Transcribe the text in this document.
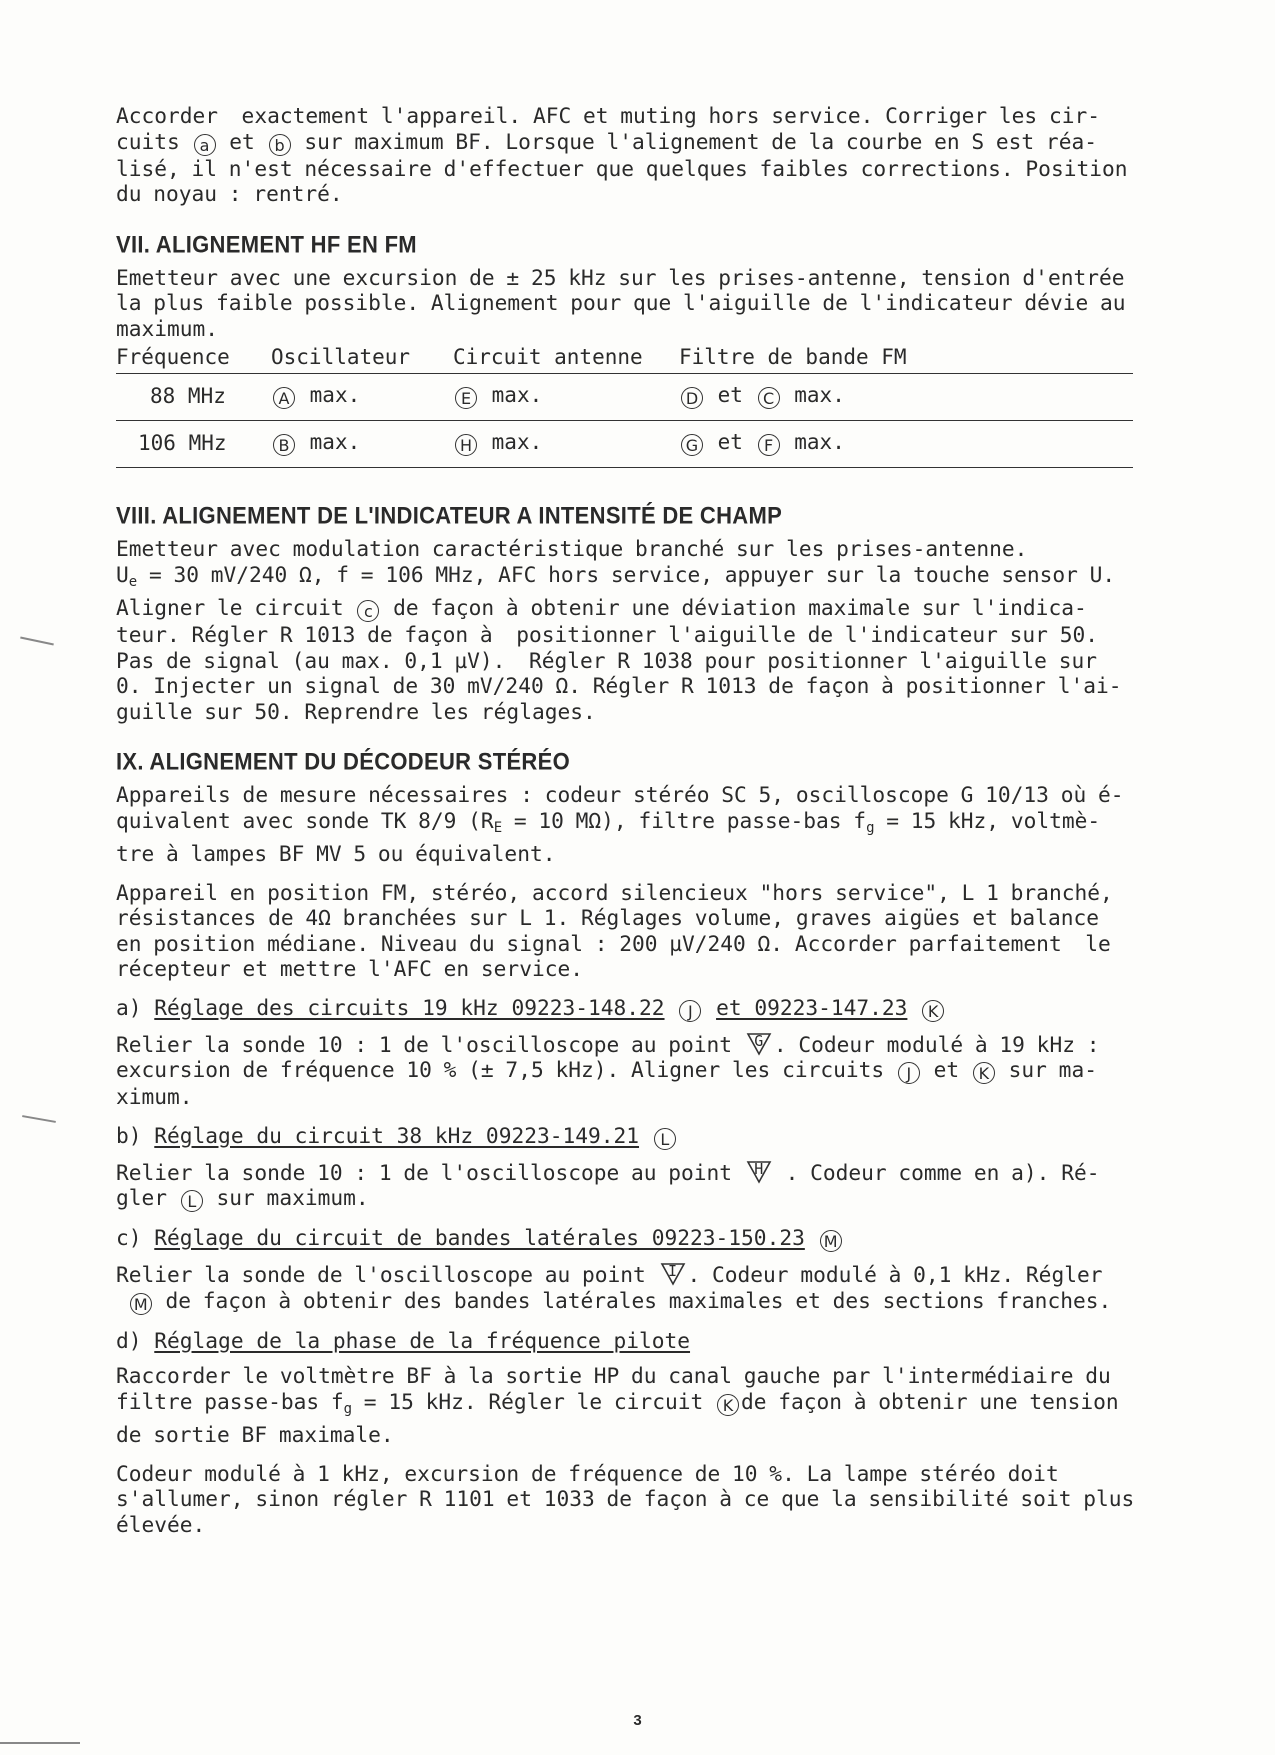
Accorder  exactement l'appareil. AFC et muting hors service. Corriger les cir-
cuits a et b sur maximum BF. Lorsque l'alignement de la courbe en S est réa-
lisé, il n'est nécessaire d'effectuer que quelques faibles corrections. Position
du noyau : rentré.

VII. ALIGNEMENT HF EN FM

Emetteur avec une excursion de ± 25 kHz sur les prises-antenne, tension d'entrée
la plus faible possible. Alignement pour que l'aiguille de l'indicateur dévie au
maximum.

Fréquence	Oscillateur	Circuit antenne	Filtre de bande FM
88 MHz	A max.	E max.	D et C max.
106 MHz	B max.	H max.	G et F max.
VIII. ALIGNEMENT DE L'INDICATEUR A INTENSITÉ DE CHAMP

Emetteur avec modulation caractéristique branché sur les prises-antenne.
$U_e = 30$ mV/240 Ω, f = 106 MHz, AFC hors service, appuyer sur la touche sensor U.
Aligner le circuit c de façon à obtenir une déviation maximale sur l'indica-
teur. Régler R 1013 de façon à  positionner l'aiguille de l'indicateur sur 50.
Pas de signal (au max. 0,1 µV).  Régler R 1038 pour positionner l'aiguille sur
0. Injecter un signal de 30 mV/240 Ω. Régler R 1013 de façon à positionner l'ai-
guille sur 50. Reprendre les réglages.

IX. ALIGNEMENT DU DÉCODEUR STÉRÉO

Appareils de mesure nécessaires : codeur stéréo SC 5, oscilloscope G 10/13 où é-
quivalent avec sonde TK 8/9 ($R_E = 10$ MΩ), filtre passe-bas $f_g = 15$ kHz, voltmè-
tre à lampes BF MV 5 ou équivalent.

Appareil en position FM, stéréo, accord silencieux "hors service", L 1 branché,
résistances de 4Ω branchées sur L 1. Réglages volume, graves aigües et balance
en position médiane. Niveau du signal : 200 µV/240 Ω. Accorder parfaitement  le
récepteur et mettre l'AFC en service.

a) Réglage des circuits 19 kHz 09223-148.22 J et 09223-147.23 K

Relier la sonde 10 : 1 de l'oscilloscope au point G . Codeur modulé à 19 kHz :
excursion de fréquence 10 % (± 7,5 kHz). Aligner les circuits J et K sur ma-
ximum.

b) Réglage du circuit 38 kHz 09223-149.21 L

Relier la sonde 10 : 1 de l'oscilloscope au point H	. Codeur comme en a). Ré-
gler L sur maximum.

c) Réglage du circuit de bandes latérales 09223-150.23 M

Relier la sonde de l'oscilloscope au point I . Codeur modulé à 0,1 kHz. Régler
M de façon à obtenir des bandes latérales maximales et des sections franches.

d) Réglage de la phase de la fréquence pilote

Raccorder le voltmètre BF à la sortie HP du canal gauche par l'intermédiaire du
filtre passe-bas $f_g = 15$ kHz. Régler le circuit K de façon à obtenir une tension
de sortie BF maximale.

Codeur modulé à 1 kHz, excursion de fréquence de 10 %. La lampe stéréo doit
s'allumer, sinon régler R 1101 et 1033 de façon à ce que la sensibilité soit plus
élevée.

3
